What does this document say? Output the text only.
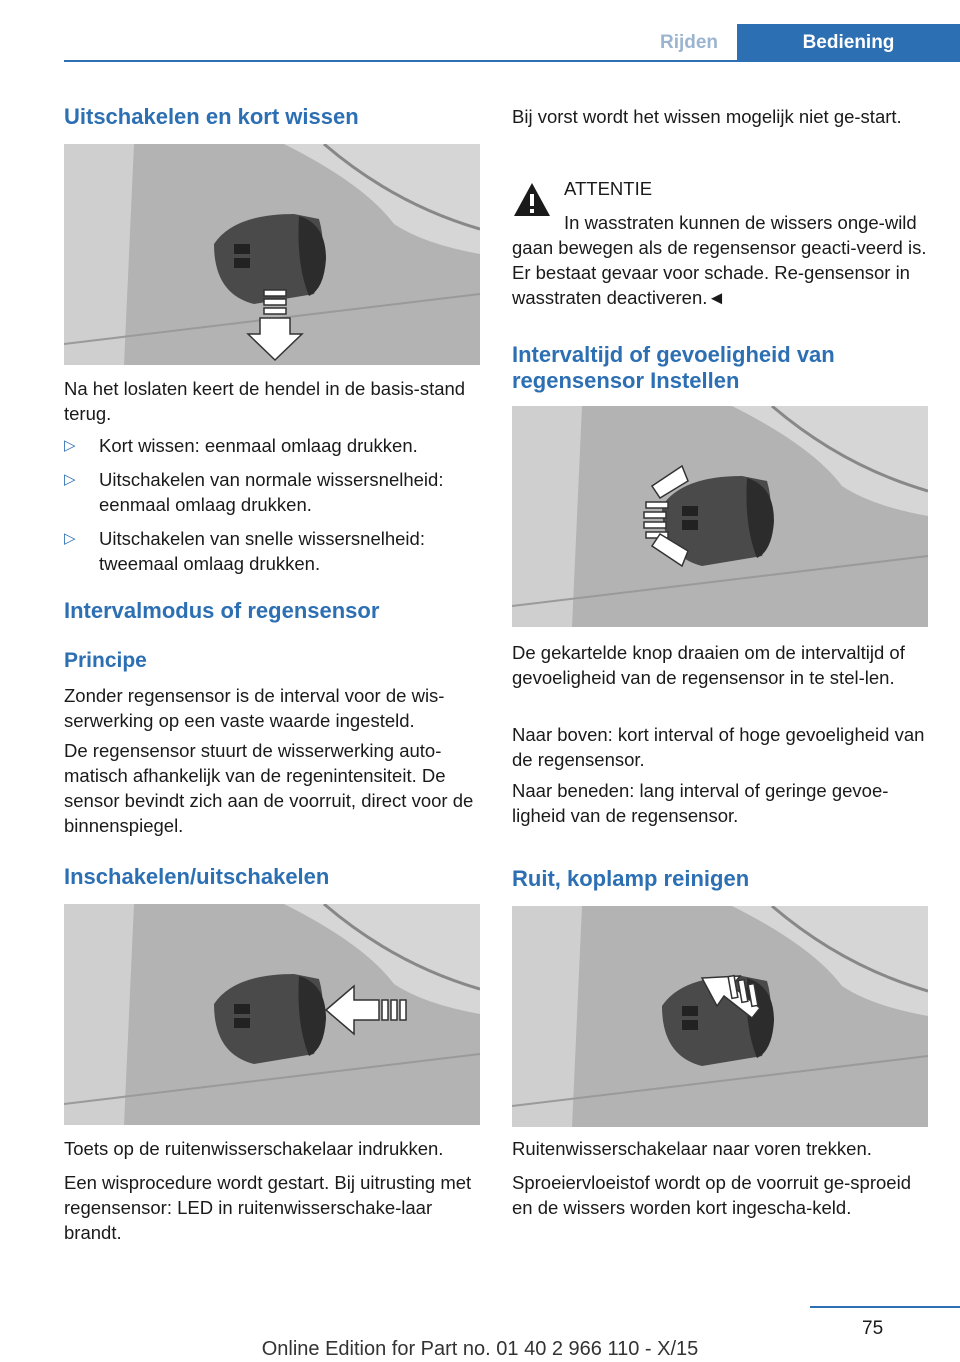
Rijden	Bediening
Uitschakelen en kort wissen

Na het loslaten keert de hendel in de basis-stand terug.

▷ Kort wissen: eenmaal omlaag drukken.
▷ Uitschakelen van normale wissersnelheid: eenmaal omlaag drukken.
▷ Uitschakelen van snelle wissersnelheid: tweemaal omlaag drukken.
Intervalmodus of regensensor
Principe

Zonder regensensor is de interval voor de wis-serwerking op een vaste waarde ingesteld.

De regensensor stuurt de wisserwerking auto-matisch afhankelijk van de regenintensiteit. De sensor bevindt zich aan de voorruit, direct voor de binnenspiegel.

Inschakelen/uitschakelen

Toets op de ruitenwisserschakelaar indrukken.

Een wisprocedure wordt gestart. Bij uitrusting met regensensor: LED in ruitenwisserschake-laar brandt.

Bij vorst wordt het wissen mogelijk niet ge-start.

ATTENTIE

In wasstraten kunnen de wissers onge-wild gaan bewegen als de regensensor geacti-veerd is. Er bestaat gevaar voor schade. Re-gensensor in wasstraten deactiveren.◄

Intervaltijd of gevoeligheid van regensensor Instellen

De gekartelde knop draaien om de intervaltijd of gevoeligheid van de regensensor in te stel-len.

Naar boven: kort interval of hoge gevoeligheid van de regensensor.

Naar beneden: lang interval of geringe gevoe-ligheid van de regensensor.

Ruit, koplamp reinigen

Ruitenwisserschakelaar naar voren trekken.

Sproeiervloeistof wordt op de voorruit ge-sproeid en de wissers worden kort ingescha-keld.

75
Online Edition for Part no. 01 40 2 966 110 - X/15
